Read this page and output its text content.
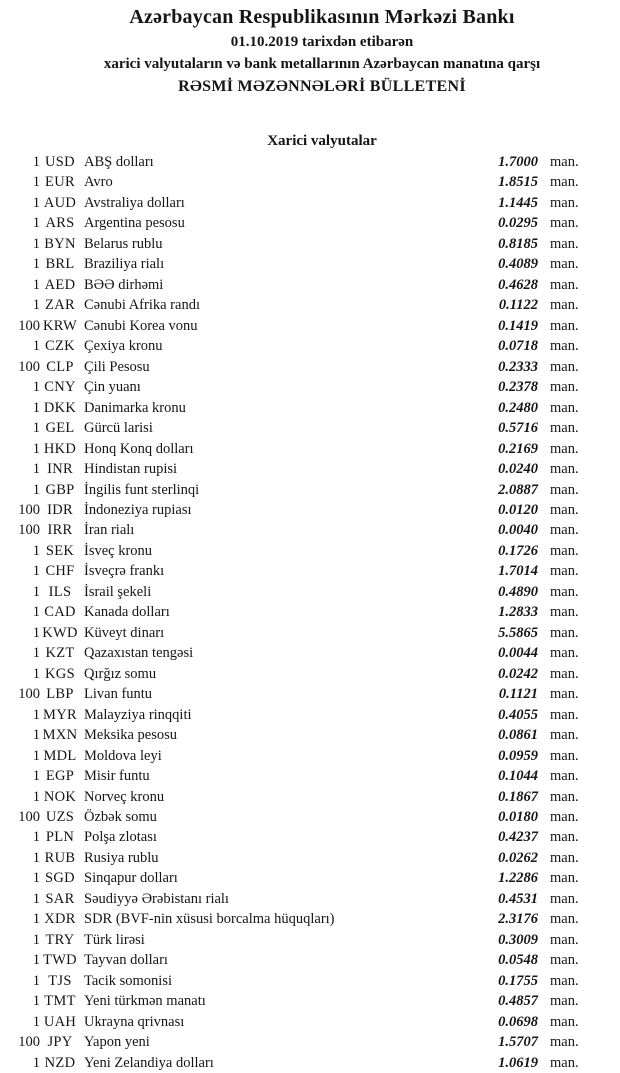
Azərbaycan Respublikasının Mərkəzi Bankı
01.10.2019 tarixdən etibarən
xarici valyutaların və bank metallarının Azərbaycan manatına qarşı
RƏSMİ MƏZƏNNƏLƏRİ BÜLLETENİ
Xarici valyutalar
1 USD ABŞ dolları	1.7000 man.
1 EUR Avro	1.8515 man.
1 AUD Avstraliya dolları	1.1445 man.
1 ARS Argentina pesosu	0.0295 man.
1 BYN Belarus rublu	0.8185 man.
1 BRL Braziliya rialı	0.4089 man.
1 AED BƏƏ dirhəmi	0.4628 man.
1 ZAR Cənubi Afrika randı	0.1122 man.
100 KRW Cənubi Korea vonu	0.1419 man.
1 CZK Çexiya kronu	0.0718 man.
100 CLP Çili Pesosu	0.2333 man.
1 CNY Çin yuanı	0.2378 man.
1 DKK Danimarka kronu	0.2480 man.
1 GEL Gürcü larisi	0.5716 man.
1 HKD Honq Konq dolları	0.2169 man.
1 INR Hindistan rupisi	0.0240 man.
1 GBP İngilis funt sterlinqi	2.0887 man.
100 IDR İndoneziya rupiası	0.0120 man.
100 IRR İran rialı	0.0040 man.
1 SEK İsveç kronu	0.1726 man.
1 CHF İsveçrə frankı	1.7014 man.
1 ILS İsrail şekeli	0.4890 man.
1 CAD Kanada dolları	1.2833 man.
1 KWD Küveyt dinarı	5.5865 man.
1 KZT Qazaxıstan tengəsi	0.0044 man.
1 KGS Qırğız somu	0.0242 man.
100 LBP Livan funtu	0.1121 man.
1 MYR Malayziya rinqqiti	0.4055 man.
1 MXN Meksika pesosu	0.0861 man.
1 MDL Moldova leyi	0.0959 man.
1 EGP Misir funtu	0.1044 man.
1 NOK Norveç kronu	0.1867 man.
100 UZS Özbək somu	0.0180 man.
1 PLN Polşa zlotası	0.4237 man.
1 RUB Rusiya rublu	0.0262 man.
1 SGD Sinqapur dolları	1.2286 man.
1 SAR Səudiyyə Ərəbistanı rialı	0.4531 man.
1 XDR SDR (BVF-nin xüsusi borcalma hüquqları)	2.3176 man.
1 TRY Türk lirəsi	0.3009 man.
1 TWD Tayvan dolları	0.0548 man.
1 TJS Tacik somonisi	0.1755 man.
1 TMT Yeni türkmən manatı	0.4857 man.
1 UAH Ukrayna qrivnası	0.0698 man.
100 JPY Yapon yeni	1.5707 man.
1 NZD Yeni Zelandiya dolları	1.0619 man.
